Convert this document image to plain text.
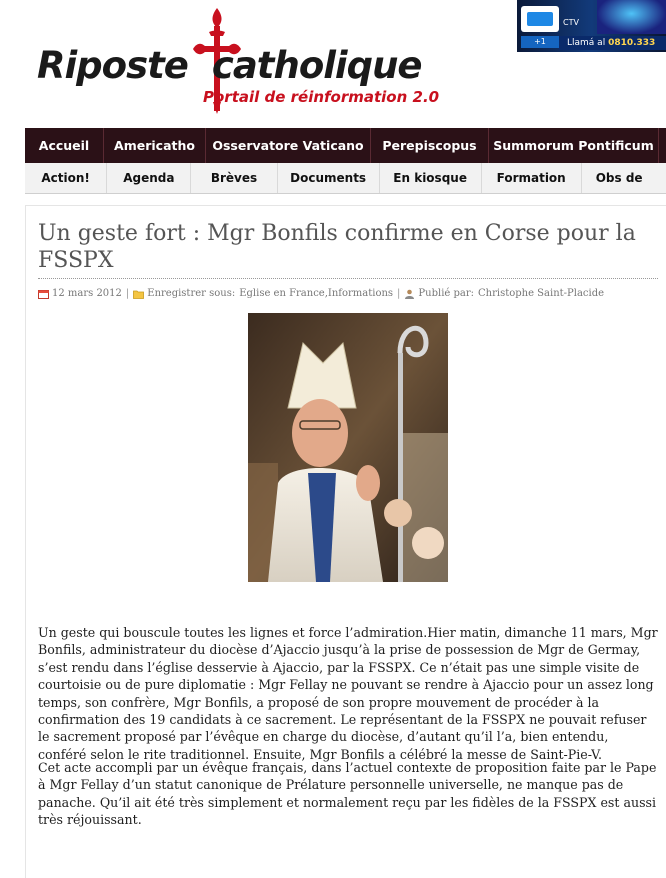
Riposte catholique
Portail de réinformation 2.0
+1
CTV
Llamá al 0810.333
Accueil	Americatho	Osservatore Vaticano	Perepiscopus	Summorum Pontificum
Action!	Agenda	Brèves	Documents	En kiosque	Formation	Obs de
Un geste fort : Mgr Bonfils confirme en Corse pour la FSSPX
12 mars 2012 | Enregistrer sous: Eglise en France,Informations | Publié par: Christophe Saint-Placide
Un geste qui bouscule toutes les lignes et force l’admiration.Hier matin, dimanche 11 mars, Mgr Bonfils, administrateur du diocèse d’Ajaccio jusqu’à la prise de possession de Mgr de Germay, s’est rendu dans l’église desservie à Ajaccio, par la FSSPX. Ce n’était pas une simple visite de courtoisie ou de pure diplomatie : Mgr Fellay ne pouvant se rendre à Ajaccio pour un assez long temps, son confrère, Mgr Bonfils, a proposé de son propre mouvement de procéder à la confirmation des 19 candidats à ce sacrement. Le représentant de la FSSPX ne pouvait refuser le sacrement proposé par l’évêque en charge du diocèse, d’autant qu’il l’a, bien entendu, conféré selon le rite traditionnel. Ensuite, Mgr Bonfils a célébré la messe de Saint-Pie-V.
Cet acte accompli par un évêque français, dans l’actuel contexte de proposition faite par le Pape à Mgr Fellay d’un statut canonique de Prélature personnelle universelle, ne manque pas de panache. Qu’il ait été très simplement et normalement reçu par les fidèles de la FSSPX est aussi très réjouissant.
